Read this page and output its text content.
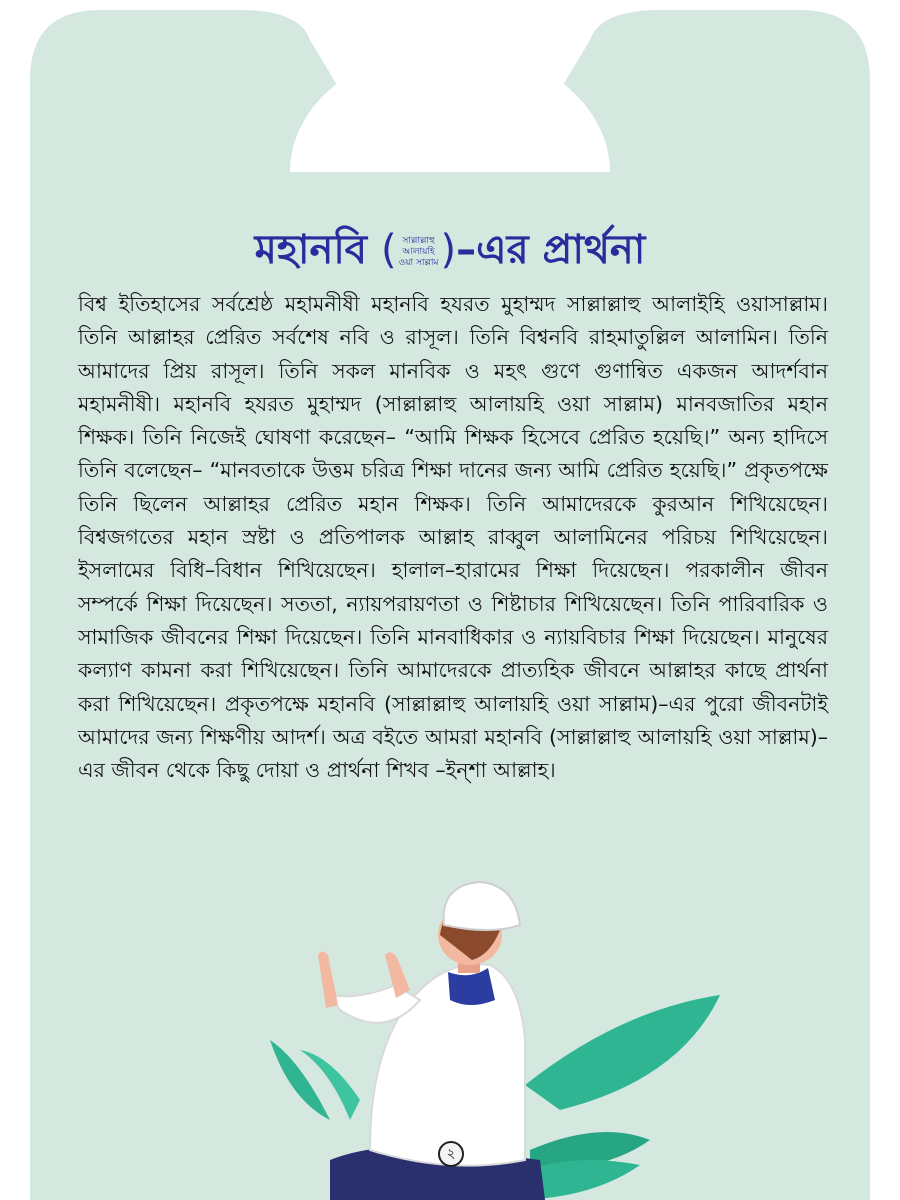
মহানবি ( সাল্লাল্লাহু
আলায়হি
ওয়া সাল্লাম)–এর প্রার্থনা

বিশ্ব ইতিহাসের সর্বশ্রেষ্ঠ মহামনীষী মহানবি হযরত মুহাম্মদ সাল্লাল্লাহু আলাইহি ওয়াসাল্লাম। তিনি আল্লাহর প্রেরিত সর্বশেষ নবি ও রাসূল। তিনি বিশ্বনবি রাহমাতুল্লিল আলামিন। তিনি আমাদের প্রিয় রাসূল। তিনি সকল মানবিক ও মহৎ গুণে গুণান্বিত একজন আদর্শবান মহামনীষী। মহানবি হযরত মুহাম্মদ (সাল্লাল্লাহু আলায়হি ওয়া সাল্লাম) মানবজাতির মহান শিক্ষক। তিনি নিজেই ঘোষণা করেছেন– “আমি শিক্ষক হিসেবে প্রেরিত হয়েছি।” অন্য হাদিসে তিনি বলেছেন– “মানবতাকে উত্তম চরিত্র শিক্ষা দানের জন্য আমি প্রেরিত হয়েছি।” প্রকৃতপক্ষে তিনি ছিলেন আল্লাহর প্রেরিত মহান শিক্ষক। তিনি আমাদেরকে কুরআন শিখিয়েছেন। বিশ্বজগতের মহান স্রষ্টা ও প্রতিপালক আল্লাহ রাব্বুল আলামিনের পরিচয় শিখিয়েছেন। ইসলামের বিধি–বিধান শিখিয়েছেন। হালাল–হারামের শিক্ষা দিয়েছেন। পরকালীন জীবন সম্পর্কে শিক্ষা দিয়েছেন। সততা, ন্যায়পরায়ণতা ও শিষ্টাচার শিখিয়েছেন। তিনি পারিবারিক ও সামাজিক জীবনের শিক্ষা দিয়েছেন। তিনি মানবাধিকার ও ন্যায়বিচার শিক্ষা দিয়েছেন। মানুষের কল্যাণ কামনা করা শিখিয়েছেন। তিনি আমাদেরকে প্রাত্যহিক জীবনে আল্লাহর কাছে প্রার্থনা করা শিখিয়েছেন। প্রকৃতপক্ষে মহানবি (সাল্লাল্লাহু আলায়হি ওয়া সাল্লাম)–এর পুরো জীবনটাই আমাদের জন্য শিক্ষণীয় আদর্শ। অত্র বইতে আমরা মহানবি (সাল্লাল্লাহু আলায়হি ওয়া সাল্লাম)–এর জীবন থেকে কিছু দোয়া ও প্রার্থনা শিখব –ইন্‌শা আল্লাহ।

২
